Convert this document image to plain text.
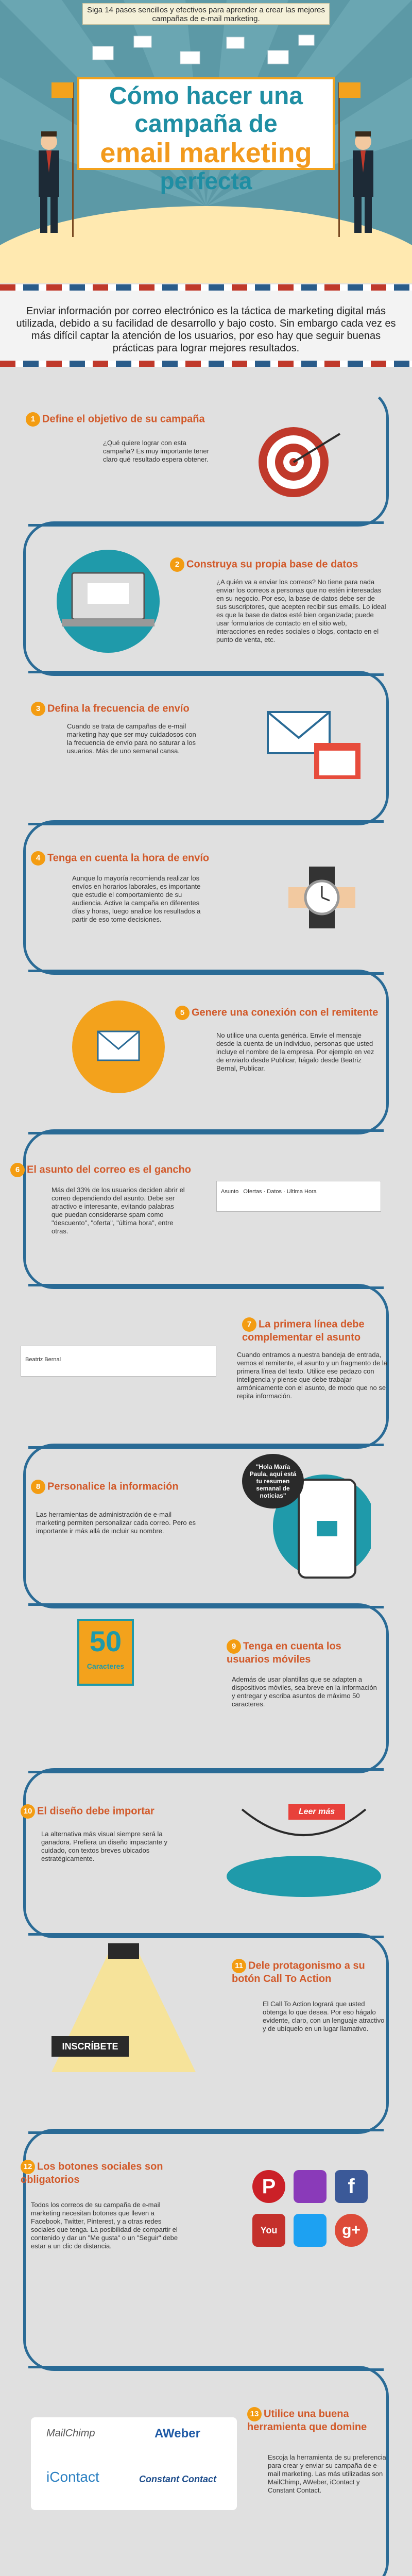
Siga 14 pasos sencillos y efectivos para aprender a crear las mejores campañas de e-mail marketing.
Cómo hacer una campaña de
email marketing
perfecta
Enviar información por correo electrónico es la táctica de marketing digital más utilizada, debido a su facilidad de desarrollo y bajo costo. Sin embargo cada vez es más difícil captar la atención de los usuarios, por eso hay que seguir buenas prácticas para lograr mejores resultados.
1 Define el objetivo de su campaña
¿Qué quiere lograr con esta campaña? Es muy importante tener claro qué resultado espera obtener.
2 Construya su propia base de datos
¿A quién va a enviar los correos? No tiene para nada enviar los correos a personas que no estén interesadas en su negocio. Por eso, la base de datos debe ser de sus suscriptores, que acepten recibir sus emails. Lo ideal es que la base de datos esté bien organizada; puede usar formularios de contacto en el sitio web, interacciones en redes sociales o blogs, contacto en el punto de venta, etc.
3 Defina la frecuencia de envío
Cuando se trata de campañas de e-mail marketing hay que ser muy cuidadosos con la frecuencia de envío para no saturar a los usuarios. Más de uno semanal cansa.
4 Tenga en cuenta la hora de envío
Aunque lo mayoría recomienda realizar los envíos en horarios laborales, es importante que estudie el comportamiento de su audiencia. Active la campaña en diferentes días y horas, luego analice los resultados a partir de eso tome decisiones.
5 Genere una conexión con el remitente
No utilice una cuenta genérica. Envíe el mensaje desde la cuenta de un individuo, personas que usted incluye el nombre de la empresa. Por ejemplo en vez de enviarlo desde Publicar, hágalo desde Beatriz Bernal, Publicar.
6 El asunto del correo es el gancho
Más del 33% de los usuarios deciden abrir el correo dependiendo del asunto. Debe ser atractivo e interesante, evitando palabras que puedan considerarse spam como "descuento", "oferta", "última hora", entre otras.
Asunto Ofertas · Datos · Ultima Hora
7 La primera línea debe complementar el asunto
Cuando entramos a nuestra bandeja de entrada, vemos el remitente, el asunto y un fragmento de la primera línea del texto. Utilice ese pedazo con inteligencia y piense que debe trabajar armónicamente con el asunto, de modo que no se repita información.
Beatriz Bernal
8 Personalice la información
Las herramientas de administración de e-mail marketing permiten personalizar cada correo. Pero es importante ir más allá de incluir su nombre.
"Hola María Paula, aquí está tu resumen semanal de noticias"
9 Tenga en cuenta los usuarios móviles
Además de usar plantillas que se adapten a dispositivos móviles, sea breve en la información y entregar y escriba asuntos de máximo 50 caracteres.
50
Caracteres
10 El diseño debe importar
La alternativa más visual siempre será la ganadora. Prefiera un diseño impactante y cuidado, con textos breves ubicados estratégicamente.
Leer más
11 Dele protagonismo a su botón Call To Action
El Call To Action logrará que usted obtenga lo que desea. Por eso hágalo evidente, claro, con un lenguaje atractivo y de ubíquelo en un lugar llamativo.
INSCRÍBETE
12 Los botones sociales son obligatorios
Todos los correos de su campaña de e-mail marketing necesitan botones que lleven a Facebook, Twitter, Pinterest, y a otras redes sociales que tenga. La posibilidad de compartir el contenido y dar un "Me gusta" o un "Seguir" debe estar a un clic de distancia.
P	f
You	g+
13 Utilice una buena herramienta que domine
Escoja la herramienta de su preferencia para crear y enviar su campaña de e-mail marketing. Las más utilizadas son MailChimp, AWeber, iContact y Constant Contact.
MailChimp	AWeber
iContact	Constant Contact
